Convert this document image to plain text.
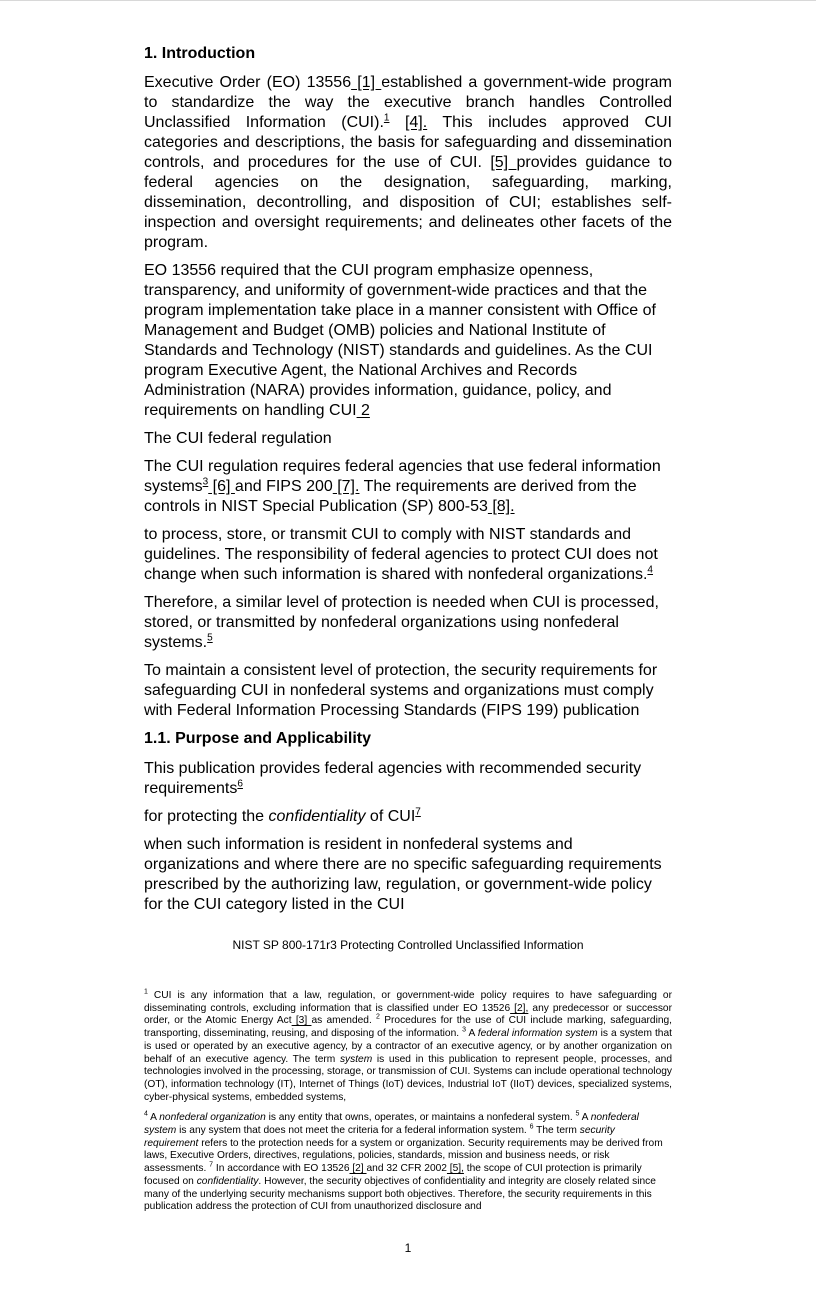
1. Introduction

Executive Order (EO) 13556 [1] established a government-wide program to standardize the way the executive branch handles Controlled Unclassified Information (CUI).$^1$ [4]. This includes approved CUI categories and descriptions, the basis for safeguarding and dissemination controls, and procedures for the use of CUI. [5] provides guidance to federal agencies on the designation, safeguarding, marking, dissemination, decontrolling, and disposition of CUI; establishes self-inspection and oversight requirements; and delineates other facets of the program.

EO 13556 required that the CUI program emphasize openness, transparency, and uniformity of government-wide practices and that the program implementation take place in a manner consistent with Office of Management and Budget (OMB) policies and National Institute of Standards and Technology (NIST) standards and guidelines. As the CUI program Executive Agent, the National Archives and Records Administration (NARA) provides information, guidance, policy, and requirements on handling CUI 2

The CUI federal regulation

The CUI regulation requires federal agencies that use federal information systems$^3$ [6] and FIPS 200 [7]. The requirements are derived from the controls in NIST Special Publication (SP) 800-53 [8].

to process, store, or transmit CUI to comply with NIST standards and guidelines. The responsibility of federal agencies to protect CUI does not change when such information is shared with nonfederal organizations.$^4$

Therefore, a similar level of protection is needed when CUI is processed, stored, or transmitted by nonfederal organizations using nonfederal systems.$^5$

To maintain a consistent level of protection, the security requirements for safeguarding CUI in nonfederal systems and organizations must comply with Federal Information Processing Standards (FIPS 199) publication

1.1. Purpose and Applicability

This publication provides federal agencies with recommended security requirements$^6$

for protecting the confidentiality of CUI$^7$

when such information is resident in nonfederal systems and organizations and where there are no specific safeguarding requirements prescribed by the authorizing law, regulation, or government-wide policy for the CUI category listed in the CUI

NIST SP 800-171r3 Protecting Controlled Unclassified Information

$^1$ CUI is any information that a law, regulation, or government-wide policy requires to have safeguarding or disseminating controls, excluding information that is classified under EO 13526 [2], any predecessor or successor order, or the Atomic Energy Act [3] as amended. $^2$ Procedures for the use of CUI include marking, safeguarding, transporting, disseminating, reusing, and disposing of the information. $^3$ A federal information system is a system that is used or operated by an executive agency, by a contractor of an executive agency, or by another organization on behalf of an executive agency. The term system is used in this publication to represent people, processes, and technologies involved in the processing, storage, or transmission of CUI. Systems can include operational technology (OT), information technology (IT), Internet of Things (IoT) devices, Industrial IoT (IIoT) devices, specialized systems, cyber-physical systems, embedded systems,

$^4$ A nonfederal organization is any entity that owns, operates, or maintains a nonfederal system. $^5$ A nonfederal system is any system that does not meet the criteria for a federal information system. $^6$ The term security requirement refers to the protection needs for a system or organization. Security requirements may be derived from laws, Executive Orders, directives, regulations, policies, standards, mission and business needs, or risk assessments. $^7$ In accordance with EO 13526 [2] and 32 CFR 2002 [5], the scope of CUI protection is primarily focused on confidentiality. However, the security objectives of confidentiality and integrity are closely related since many of the underlying security mechanisms support both objectives. Therefore, the security requirements in this publication address the protection of CUI from unauthorized disclosure and

1
